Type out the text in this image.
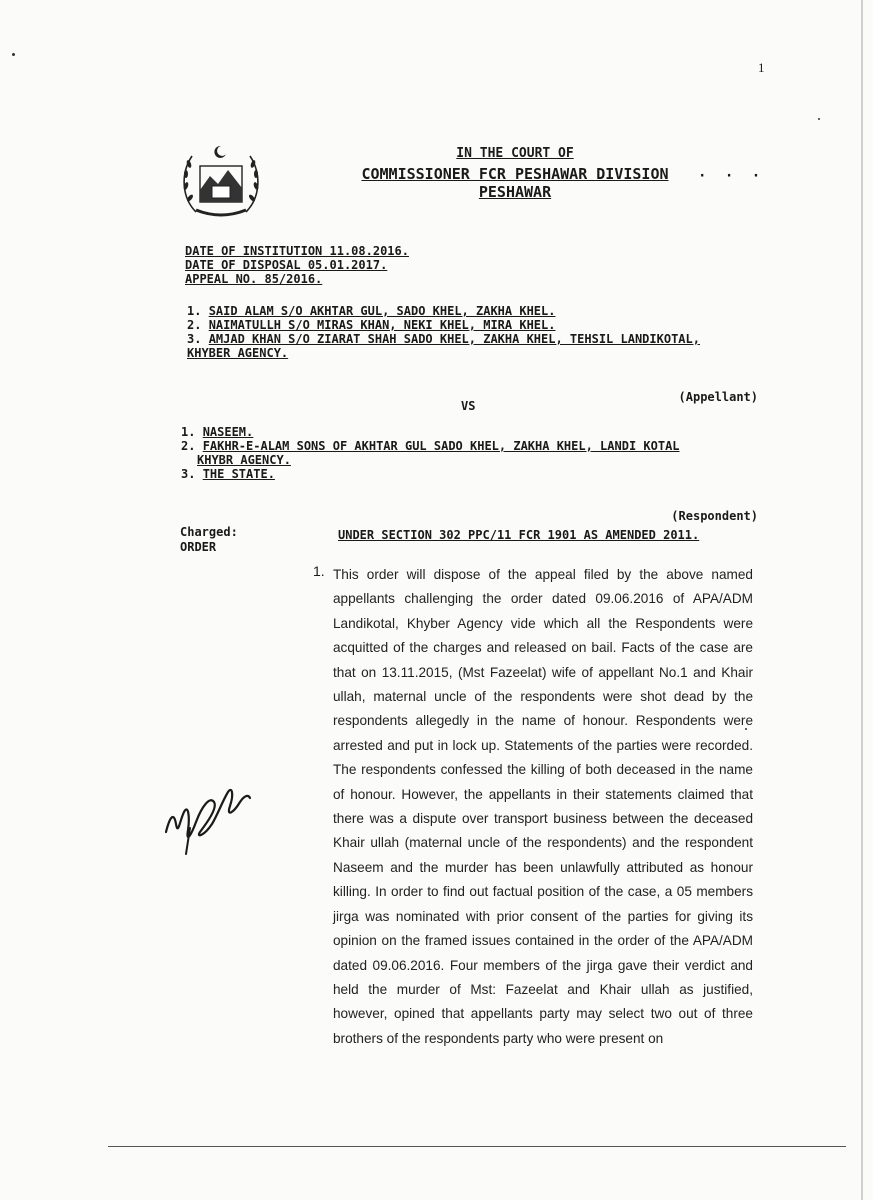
1
IN THE COURT OF
COMMISSIONER FCR PESHAWAR DIVISION	· · ·
PESHAWAR
DATE OF INSTITUTION 11.08.2016.
DATE OF DISPOSAL 05.01.2017.
APPEAL NO. 85/2016.
1. SAID ALAM S/O AKHTAR GUL, SADO KHEL, ZAKHA KHEL.
2. NAIMATULLH S/O MIRAS KHAN, NEKI KHEL, MIRA KHEL.
3. AMJAD KHAN S/O ZIARAT SHAH SADO KHEL, ZAKHA KHEL, TEHSIL LANDIKOTAL,
KHYBER AGENCY.
(Appellant)
VS
1. NASEEM.
2. FAKHR-E-ALAM SONS OF AKHTAR GUL SADO KHEL, ZAKHA KHEL, LANDI KOTAL
KHYBR AGENCY.
3. THE STATE.
(Respondent)
Charged:
ORDER
UNDER SECTION 302 PPC/11 FCR 1901 AS AMENDED 2011.
1. This order will dispose of the appeal filed by the above named appellants challenging the order dated 09.06.2016 of APA/ADM Landikotal, Khyber Agency vide which all the Respondents were acquitted of the charges and released on bail. Facts of the case are that on 13.11.2015, (Mst Fazeelat) wife of appellant No.1 and Khair ullah, maternal uncle of the respondents were shot dead by the respondents allegedly in the name of honour. Respondents were arrested and put in lock up. Statements of the parties were recorded. The respondents confessed the killing of both deceased in the name of honour. However, the appellants in their statements claimed that there was a dispute over transport business between the deceased Khair ullah (maternal uncle of the respondents) and the respondent Naseem and the murder has been unlawfully attributed as honour killing. In order to find out factual position of the case, a 05 members jirga was nominated with prior consent of the parties for giving its opinion on the framed issues contained in the order of the APA/ADM dated 09.06.2016. Four members of the jirga gave their verdict and held the murder of Mst: Fazeelat and Khair ullah as justified, however, opined that appellants party may select two out of three brothers of the respondents party who were present on
